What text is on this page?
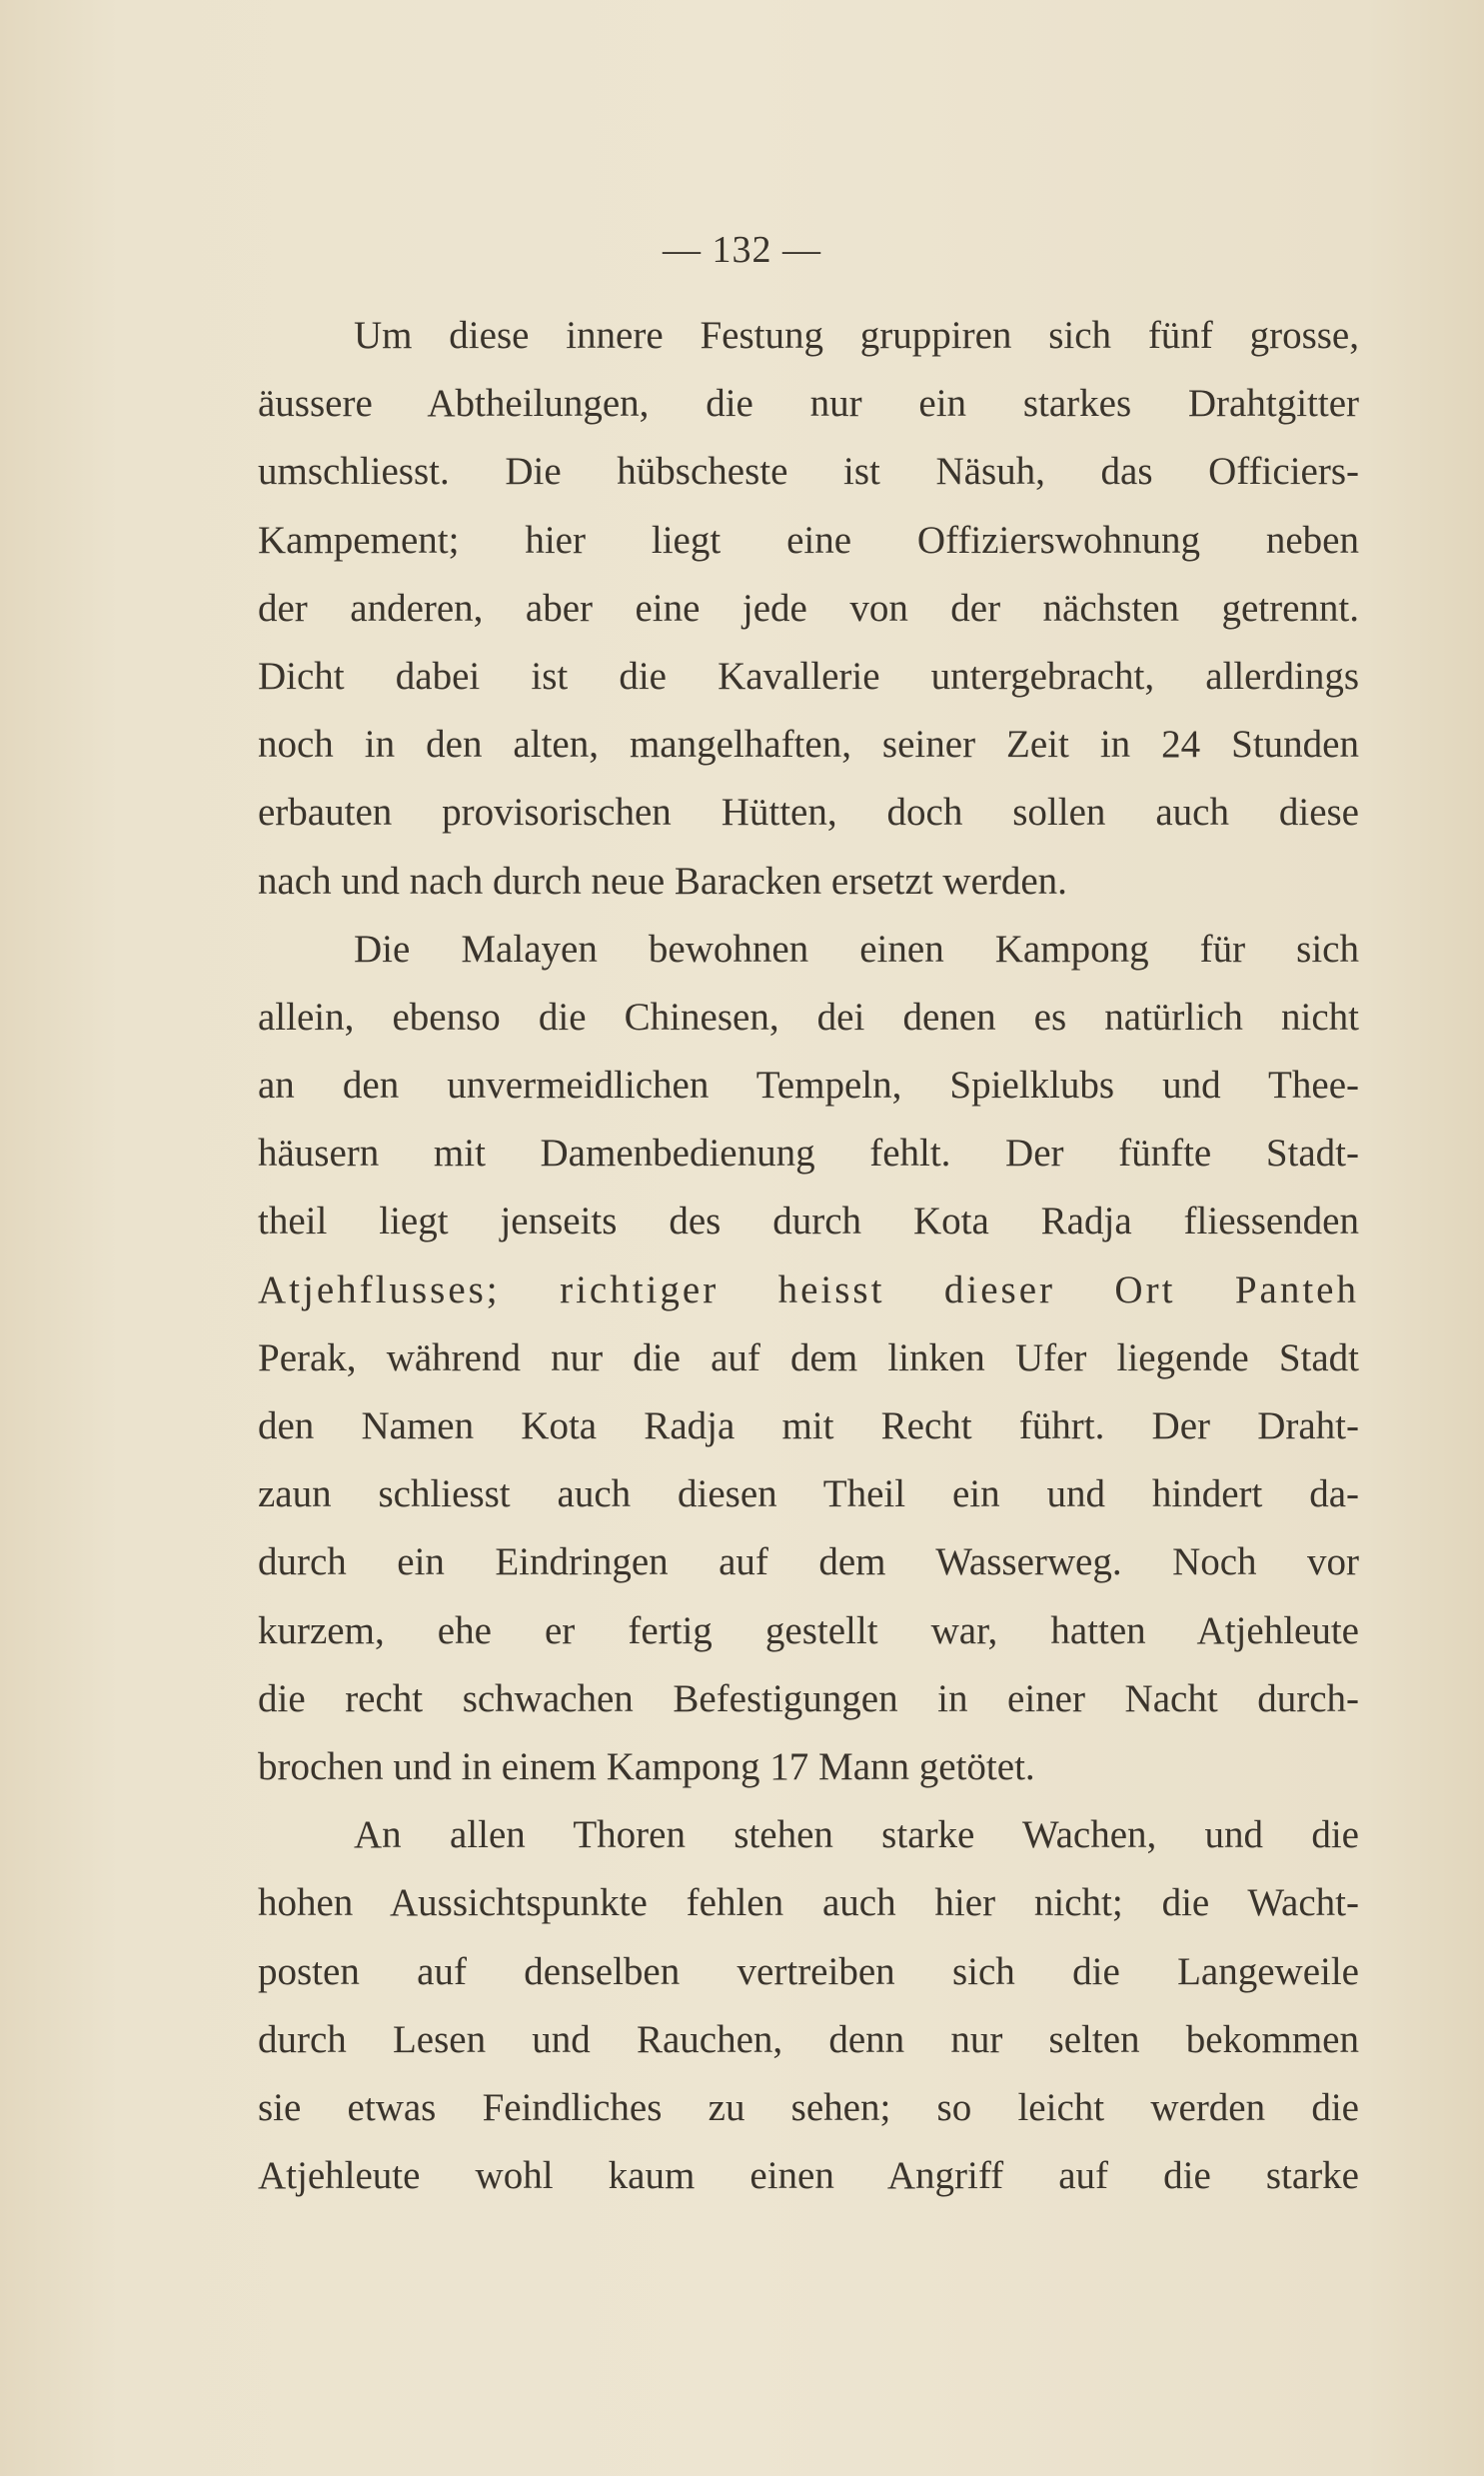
— 132 —
Um diese innere Festung gruppiren sich fünf grosse,
äussere Abtheilungen, die nur ein starkes Drahtgitter
umschliesst. Die hübscheste ist Näsuh, das Officiers-
Kampement; hier liegt eine Offizierswohnung neben
der anderen, aber eine jede von der nächsten getrennt.
Dicht dabei ist die Kavallerie untergebracht, allerdings
noch in den alten, mangelhaften, seiner Zeit in 24 Stunden
erbauten provisorischen Hütten, doch sollen auch diese
nach und nach durch neue Baracken ersetzt werden.
Die Malayen bewohnen einen Kampong für sich
allein, ebenso die Chinesen, dei denen es natürlich nicht
an den unvermeidlichen Tempeln, Spielklubs und Thee-
häusern mit Damenbedienung fehlt. Der fünfte Stadt-
theil liegt jenseits des durch Kota Radja fliessenden
Atjehflusses; richtiger heisst dieser Ort Panteh
Perak, während nur die auf dem linken Ufer liegende Stadt
den Namen Kota Radja mit Recht führt. Der Draht-
zaun schliesst auch diesen Theil ein und hindert da-
durch ein Eindringen auf dem Wasserweg. Noch vor
kurzem, ehe er fertig gestellt war, hatten Atjehleute
die recht schwachen Befestigungen in einer Nacht durch-
brochen und in einem Kampong 17 Mann getötet.
An allen Thoren stehen starke Wachen, und die
hohen Aussichtspunkte fehlen auch hier nicht; die Wacht-
posten auf denselben vertreiben sich die Langeweile
durch Lesen und Rauchen, denn nur selten bekommen
sie etwas Feindliches zu sehen; so leicht werden die
Atjehleute wohl kaum einen Angriff auf die starke
